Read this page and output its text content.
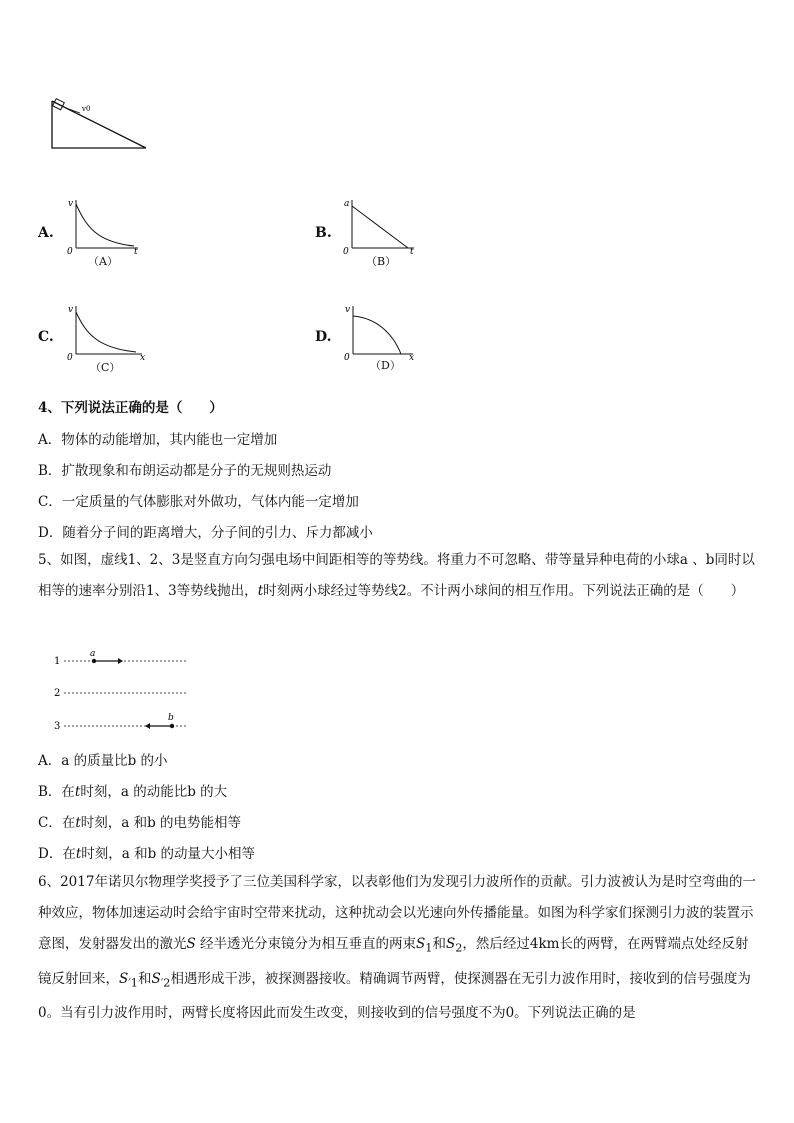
v0
A.
v
t
0
（A）
B.
a
t
0
（B）
C.
v
x
0
（C）
D.
v
x
0
（D）
4、下列说法正确的是（　　）
A．物体的动能增加，其内能也一定增加
B．扩散现象和布朗运动都是分子的无规则热运动
C．一定质量的气体膨胀对外做功，气体内能一定增加
D．随着分子间的距离增大，分子间的引力、斥力都减小
5、如图，虚线1、2、3是竖直方向匀强电场中间距相等的等势线。将重力不可忽略、带等量异种电荷的小球a 、b同时以相等的速率分别沿1、3等势线抛出，t时刻两小球经过等势线2。不计两小球间的相互作用。下列说法正确的是（　　）
1
a
2
3
b
A．a 的质量比b 的小
B．在t时刻，a 的动能比b 的大
C．在t时刻，a 和b 的电势能相等
D．在t时刻，a 和b 的动量大小相等
6、2017年诺贝尔物理学奖授予了三位美国科学家，以表彰他们为发现引力波所作的贡献。引力波被认为是时空弯曲的一种效应，物体加速运动时会给宇宙时空带来扰动，这种扰动会以光速向外传播能量。如图为科学家们探测引力波的装置示意图，发射器发出的激光S 经半透光分束镜分为相互垂直的两束$S_1$和$S_2$，然后经过4km长的两臂，在两臂端点处经反射镜反射回来，$S_{'1}$和$S_{'2}$相遇形成干涉，被探测器接收。精确调节两臂，使探测器在无引力波作用时，接收到的信号强度为0。当有引力波作用时，两臂长度将因此而发生改变，则接收到的信号强度不为0。下列说法正确的是
